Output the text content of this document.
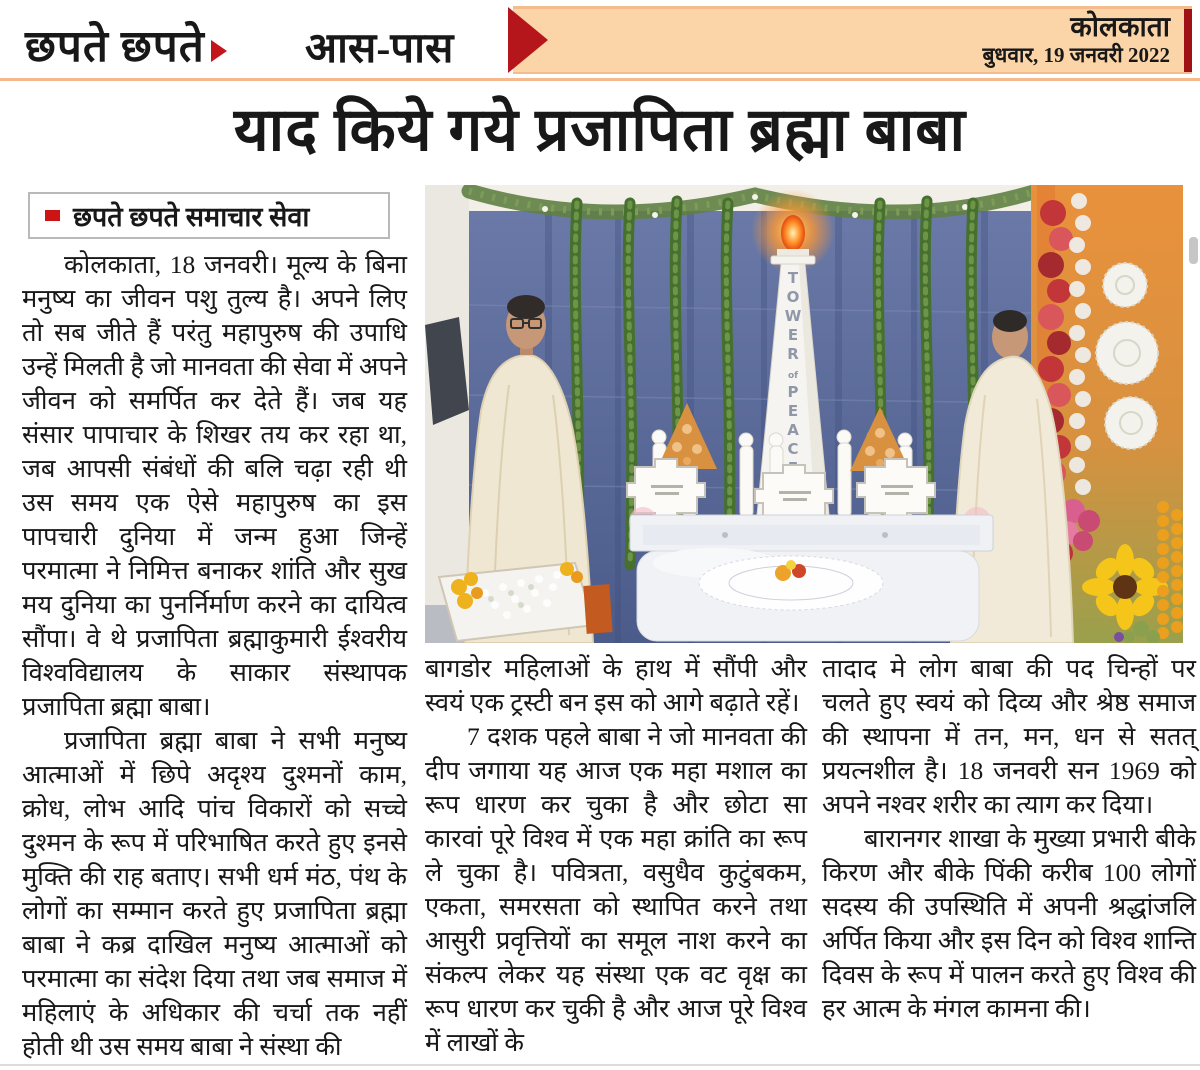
छपते छपते	आस-पास	कोलकाता
बुधवार, 19 जनवरी 2022
याद किये गये प्रजापिता ब्रह्मा बाबा
छपते छपते समाचार सेवा
T
O
W
E
R
of
P
E
A
C

कोलकाता, 18 जनवरी। मूल्य के बिना मनुष्य का जीवन पशु तुल्य है। अपने लिए तो सब जीते हैं परंतु महापुरुष की उपाधि उन्हें मिलती है जो मानवता की सेवा में अपने जीवन को समर्पित कर देते हैं। जब यह संसार पापाचार के शिखर तय कर रहा था, जब आपसी संबंधों की बलि चढ़ा रही थी उस समय एक ऐसे महापुरुष का इस पापचारी दुनिया में जन्म हुआ जिन्हें परमात्मा ने निमित्त बनाकर शांति और सुख मय दुनिया का पुनर्निर्माण करने का दायित्व सौंपा। वे थे प्रजापिता ब्रह्माकुमारी ईश्वरीय विश्वविद्यालय के साकार संस्थापक प्रजापिता ब्रह्मा बाबा।

प्रजापिता ब्रह्मा बाबा ने सभी मनुष्य आत्माओं में छिपे अदृश्य दुश्मनों काम, क्रोध, लोभ आदि पांच विकारों को सच्चे दुश्मन के रूप में परिभाषित करते हुए इनसे मुक्ति की राह बताए। सभी धर्म मंठ, पंथ के लोगों का सम्मान करते हुए प्रजापिता ब्रह्मा बाबा ने कब्र दाखिल मनुष्य आत्माओं को परमात्मा का संदेश दिया तथा जब समाज में महिलाएं के अधिकार की चर्चा तक नहीं होती थी उस समय बाबा ने संस्था की

बागडोर महिलाओं के हाथ में सौंपी और स्वयं एक ट्रस्टी बन इस को आगे बढ़ाते रहें।

7 दशक पहले बाबा ने जो मानवता की दीप जगाया यह आज एक महा मशाल का रूप धारण कर चुका है और छोटा सा कारवां पूरे विश्व में एक महा क्रांति का रूप ले चुका है। पवित्रता, वसुधैव कुटुंबकम, एकता, समरसता को स्थापित करने तथा आसुरी प्रवृत्तियों का समूल नाश करने का संकल्प लेकर यह संस्था एक वट वृक्ष का रूप धारण कर चुकी है और आज पूरे विश्व में लाखों के

तादाद मे लोग बाबा की पद चिन्हों पर चलते हुए स्वयं को दिव्य और श्रेष्ठ समाज की स्थापना में तन, मन, धन से सतत् प्रयत्नशील है। 18 जनवरी सन 1969 को अपने नश्वर शरीर का त्याग कर दिया।

बारानगर शाखा के मुख्या प्रभारी बीके किरण और बीके पिंकी करीब 100 लोगों सदस्य की उपस्थिति में अपनी श्रद्धांजलि अर्पित किया और इस दिन को विश्व शान्ति दिवस के रूप में पालन करते हुए विश्व की हर आत्म के मंगल कामना की।
